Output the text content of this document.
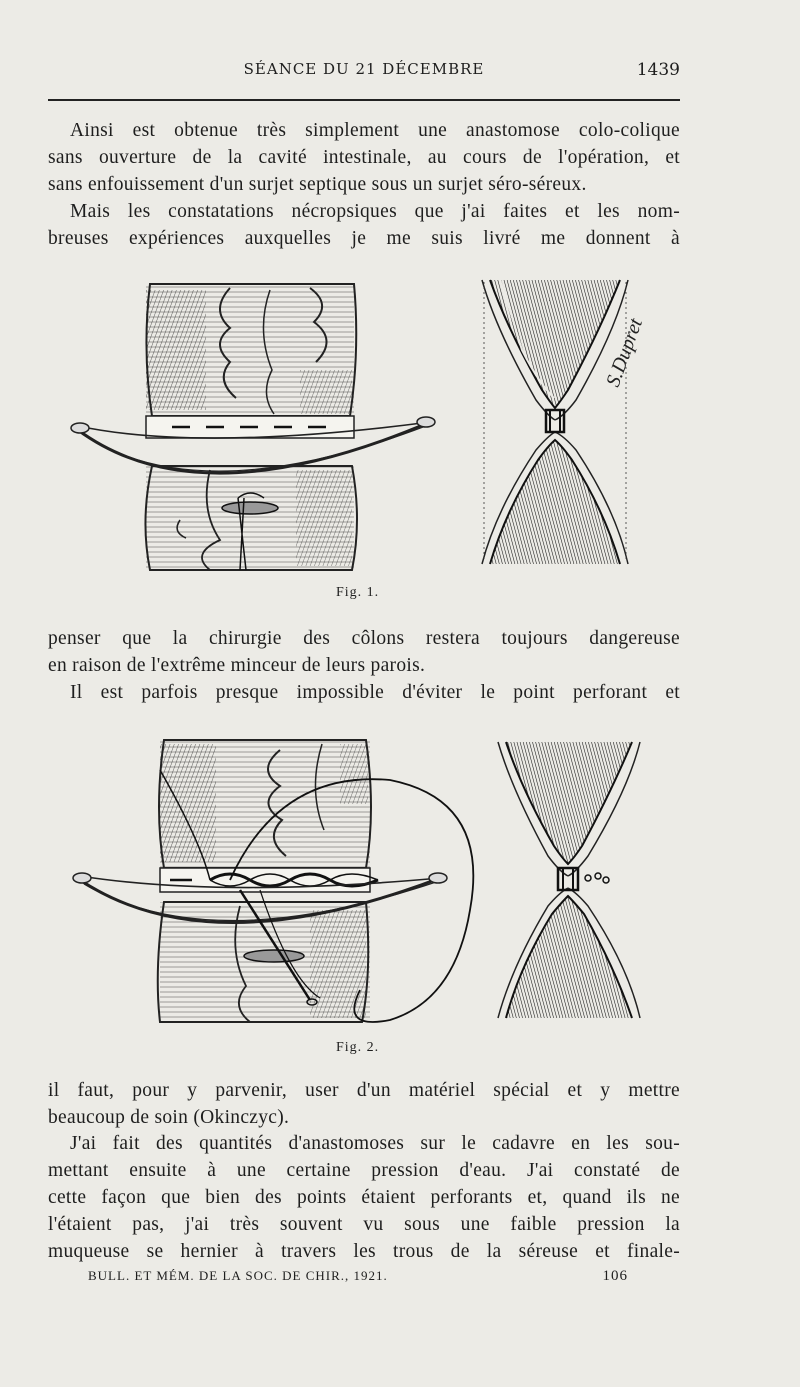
SÉANCE DU 21 DÉCEMBRE	1439
Ainsi est obtenue très simplement une anastomose colo-colique
sans ouverture de la cavité intestinale, au cours de l'opération, et
sans enfouissement d'un surjet septique sous un surjet séro-séreux.
Mais les constatations nécropsiques que j'ai faites et les nom-
breuses expériences auxquelles je me suis livré me donnent à
S.Dupret
Fig. 1.
penser que la chirurgie des côlons restera toujours dangereuse
en raison de l'extrême minceur de leurs parois.
Il est parfois presque impossible d'éviter le point perforant et
Fig. 2.
il faut, pour y parvenir, user d'un matériel spécial et y mettre
beaucoup de soin (Okinczyc).
J'ai fait des quantités d'anastomoses sur le cadavre en les sou-
mettant ensuite à une certaine pression d'eau. J'ai constaté de
cette façon que bien des points étaient perforants et, quand ils ne
l'étaient pas, j'ai très souvent vu sous une faible pression la
muqueuse se hernier à travers les trous de la séreuse et finale-
BULL. ET MÉM. DE LA SOC. DE CHIR., 1921.	106
